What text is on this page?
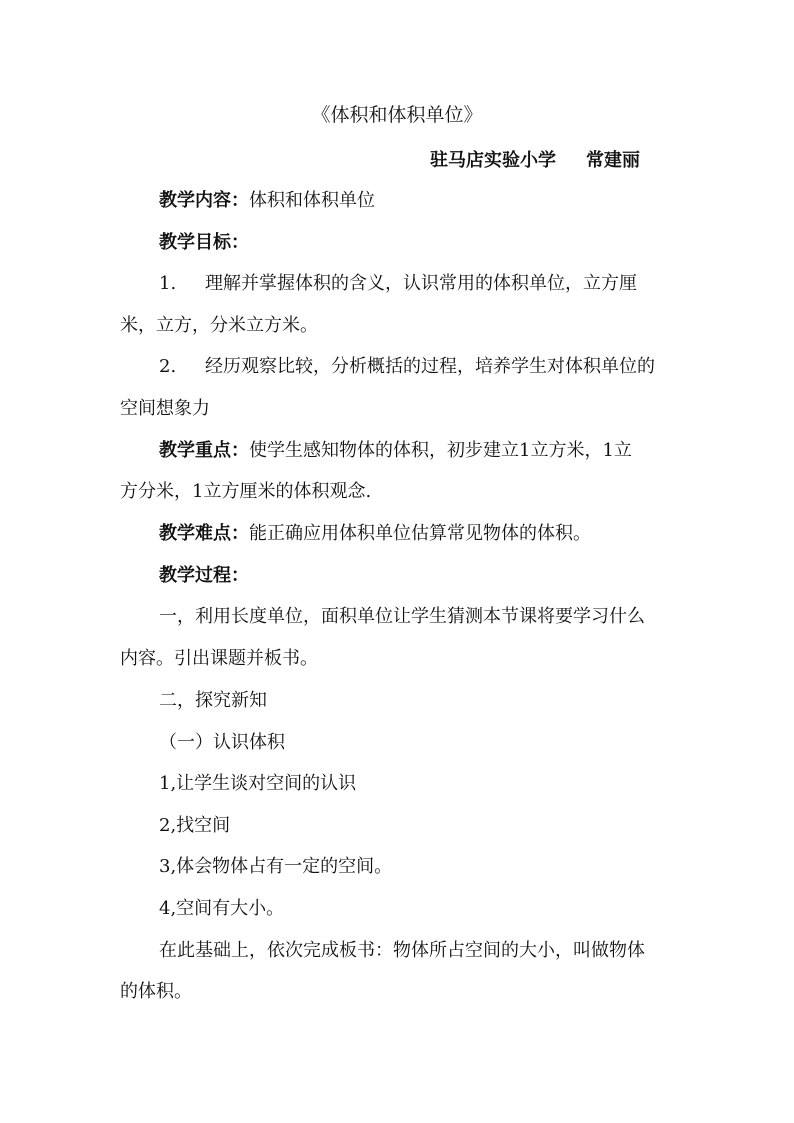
《体积和体积单位》

驻马店实验小学 常建丽

教学内容：体积和体积单位

教学目标：

1. 理解并掌握体积的含义，认识常用的体积单位，立方厘

米，立方，分米立方米。

2. 经历观察比较，分析概括的过程，培养学生对体积单位的

空间想象力

教学重点：使学生感知物体的体积，初步建立1立方米，1立

方分米，1立方厘米的体积观念.

教学难点：能正确应用体积单位估算常见物体的体积。

教学过程：

一，利用长度单位，面积单位让学生猜测本节课将要学习什么

内容。引出课题并板书。

二，探究新知

（一）认识体积

1,让学生谈对空间的认识

2,找空间

3,体会物体占有一定的空间。

4,空间有大小。

在此基础上，依次完成板书：物体所占空间的大小，叫做物体

的体积。
